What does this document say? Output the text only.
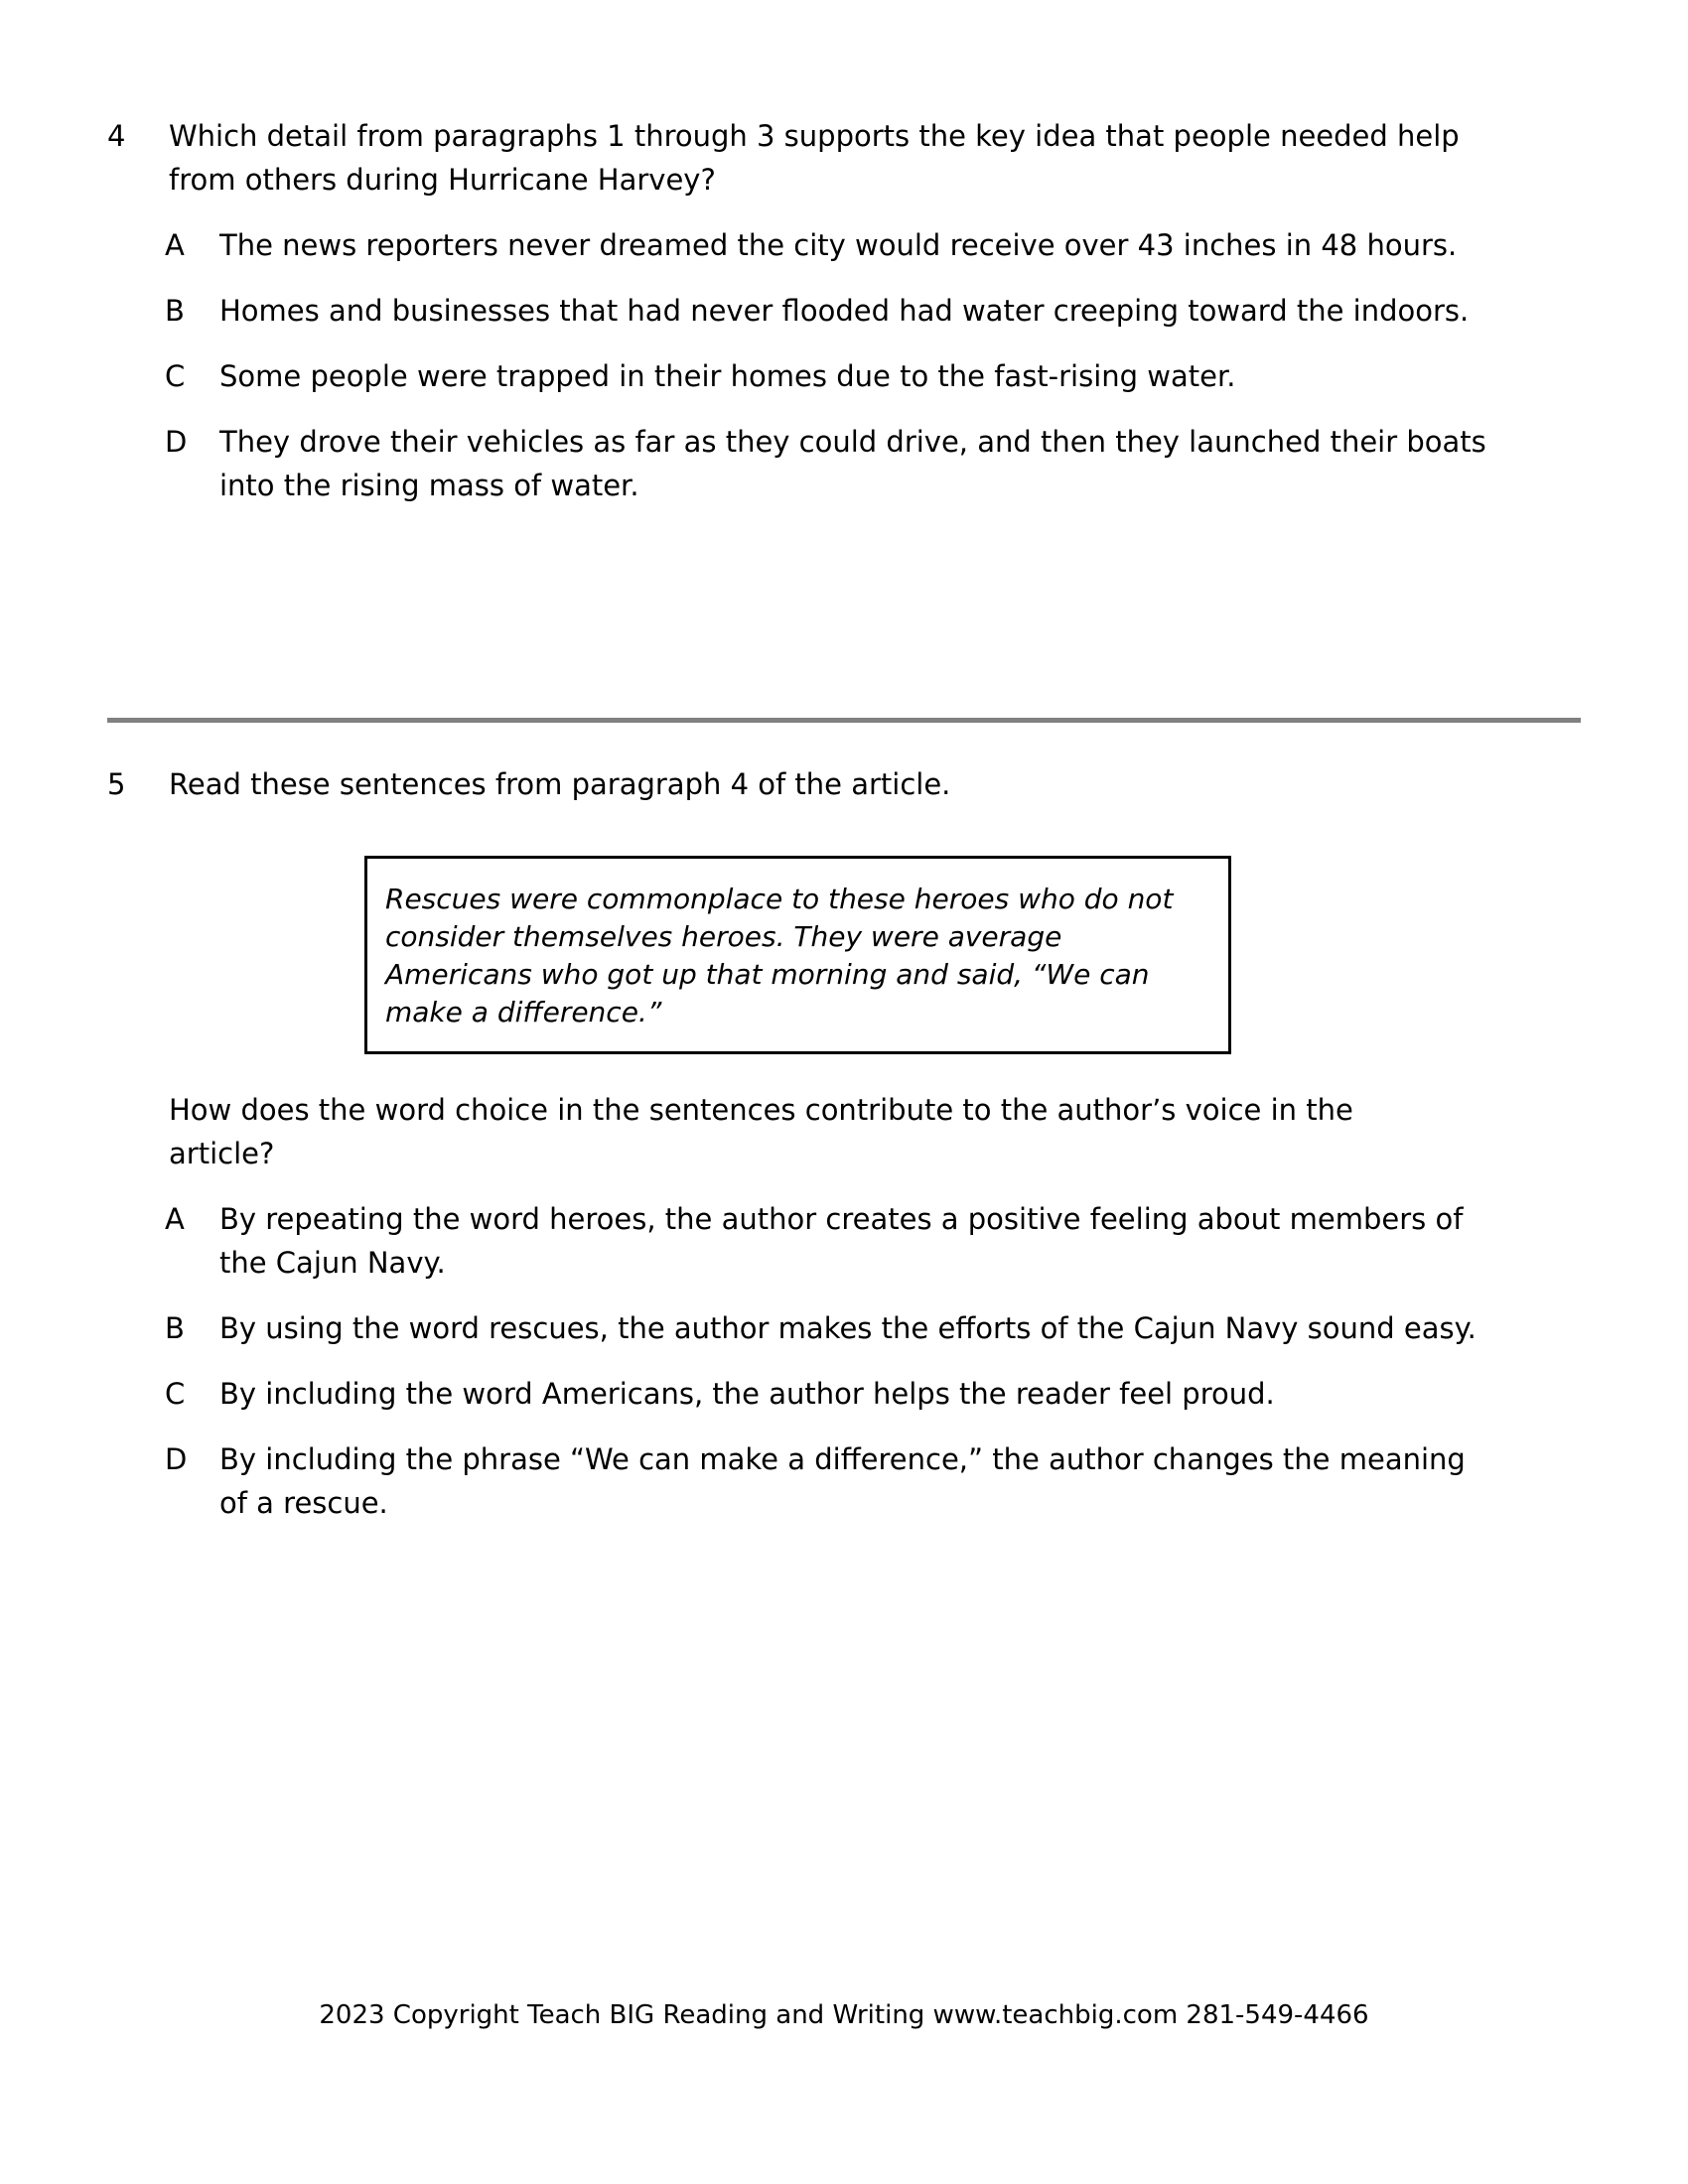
4	Which detail from paragraphs 1 through 3 supports the key idea that people needed help from others during Hurricane Harvey?
A	The news reporters never dreamed the city would receive over 43 inches in 48 hours.
B	Homes and businesses that had never flooded had water creeping toward the indoors.
C	Some people were trapped in their homes due to the fast-rising water.
D	They drove their vehicles as far as they could drive, and then they launched their boats into the rising mass of water.
5	Read these sentences from paragraph 4 of the article.
Rescues were commonplace to these heroes who do not consider themselves heroes. They were average Americans who got up that morning and said, “We can make a difference.”
How does the word choice in the sentences contribute to the author’s voice in the article?
A	By repeating the word heroes, the author creates a positive feeling about members of the Cajun Navy.
B	By using the word rescues, the author makes the efforts of the Cajun Navy sound easy.
C	By including the word Americans, the author helps the reader feel proud.
D	By including the phrase “We can make a difference,” the author changes the meaning of a rescue.
2023 Copyright Teach BIG Reading and Writing www.teachbig.com 281-549-4466
